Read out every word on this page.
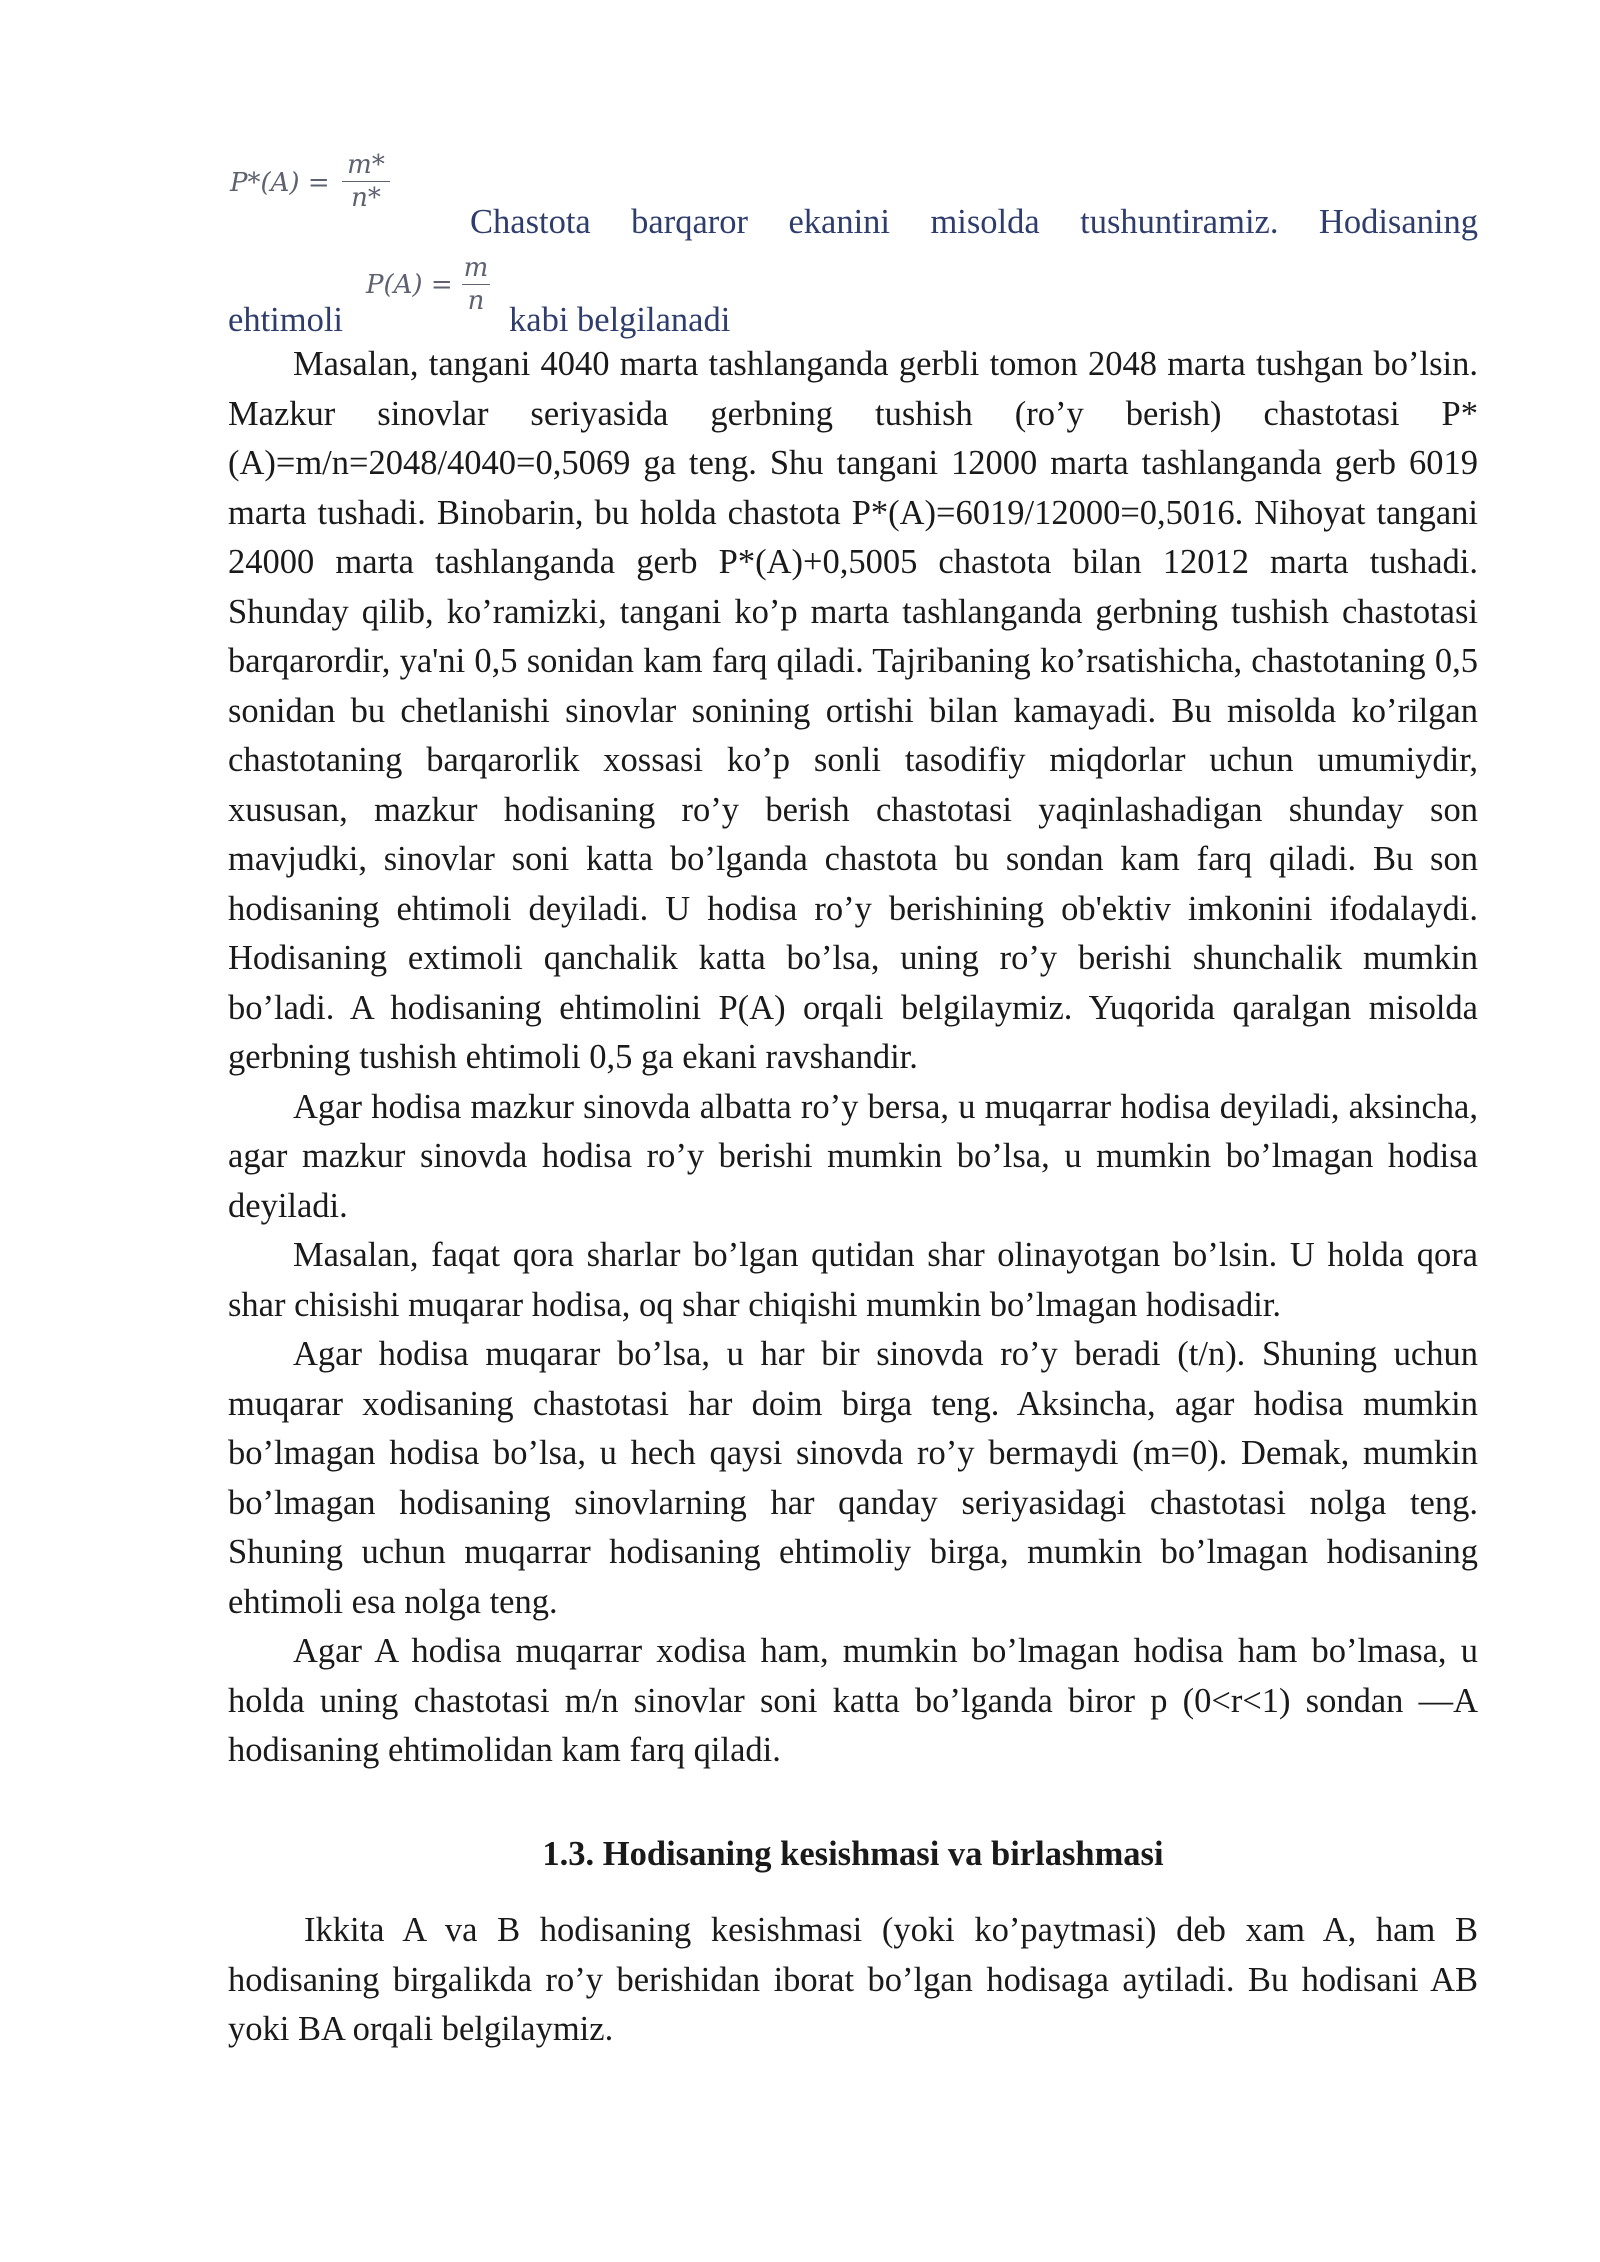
P*(A) =
m*
n*
Chastota barqaror ekanini misolda tushuntiramiz. Hodisaning
P(A) =
m
n
ehtimoli	kabi belgilanadi

Masalan, tangani 4040 marta tashlanganda gerbli tomon 2048 marta tushgan bo’lsin. Mazkur sinovlar seriyasida gerbning tushish (ro’y berish) chastotasi P*(A)=m/n=2048/4040=0,5069 ga teng. Shu tangani 12000 marta tashlanganda gerb 6019 marta tushadi. Binobarin, bu holda chastota P*(A)=6019/12000=0,5016. Nihoyat tangani 24000 marta tashlanganda gerb P*(A)+0,5005 chastota bilan 12012 marta tushadi. Shunday qilib, ko’ramizki, tangani ko’p marta tashlanganda gerbning tushish chastotasi barqarordir, ya'ni 0,5 sonidan kam farq qiladi. Tajribaning ko’rsatishicha, chastotaning 0,5 sonidan bu chetlanishi sinovlar sonining ortishi bilan kamayadi. Bu misolda ko’rilgan chastotaning barqarorlik xossasi ko’p sonli tasodifiy miqdorlar uchun umumiydir, xususan, mazkur hodisaning ro’y berish chastotasi yaqinlashadigan shunday son mavjudki, sinovlar soni katta bo’lganda chastota bu sondan kam farq qiladi. Bu son hodisaning ehtimoli deyiladi. U hodisa ro’y berishining ob'ektiv imkonini ifodalaydi. Hodisaning extimoli qanchalik katta bo’lsa, uning ro’y berishi shunchalik mumkin bo’ladi. A hodisaning ehtimolini P(A) orqali belgilaymiz. Yuqorida qaralgan misolda gerbning tushish ehtimoli 0,5 ga ekani ravshandir.

Agar hodisa mazkur sinovda albatta ro’y bersa, u muqarrar hodisa deyiladi, aksincha, agar mazkur sinovda hodisa ro’y berishi mumkin bo’lsa, u mumkin bo’lmagan hodisa deyiladi.

Masalan, faqat qora sharlar bo’lgan qutidan shar olinayotgan bo’lsin. U holda qora shar chisishi muqarar hodisa, oq shar chiqishi mumkin bo’lmagan hodisadir.

Agar hodisa muqarar bo’lsa, u har bir sinovda ro’y beradi (t/n). Shuning uchun muqarar xodisaning chastotasi har doim birga teng. Aksincha, agar hodisa mumkin bo’lmagan hodisa bo’lsa, u hech qaysi sinovda ro’y bermaydi (m=0). Demak, mumkin bo’lmagan hodisaning sinovlarning har qanday seriyasidagi chastotasi nolga teng. Shuning uchun muqarrar hodisaning ehtimoliy birga, mumkin bo’lmagan hodisaning ehtimoli esa nolga teng.

Agar A hodisa muqarrar xodisa ham, mumkin bo’lmagan hodisa ham bo’lmasa, u holda uning chastotasi m/n sinovlar soni katta bo’lganda biror p (0<r<1) sondan —A hodisaning ehtimolidan kam farq qiladi.

1.3. Hodisaning kesishmasi va birlashmasi

Ikkita A va B hodisaning kesishmasi (yoki ko’paytmasi) deb xam A, ham B hodisaning birgalikda ro’y berishidan iborat bo’lgan hodisaga aytiladi. Bu hodisani AB yoki BA orqali belgilaymiz.
